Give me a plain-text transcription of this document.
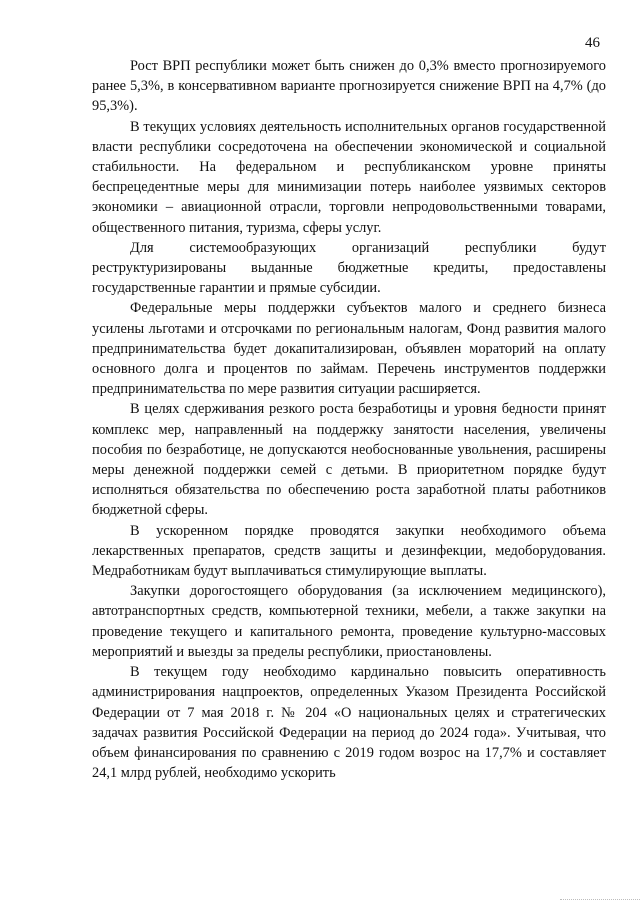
46

Рост ВРП республики может быть снижен до 0,3% вместо прогнозируемого ранее 5,3%, в консервативном варианте прогнозируется снижение ВРП на 4,7% (до 95,3%).

В текущих условиях деятельность исполнительных органов государственной власти республики сосредоточена на обеспечении экономической и социальной стабильности. На федеральном и республиканском уровне приняты беспрецедентные меры для минимизации потерь наиболее уязвимых секторов экономики – авиационной отрасли, торговли непродовольственными товарами, общественного питания, туризма, сферы услуг.

Для системообразующих организаций республики будут реструктуризированы выданные бюджетные кредиты, предоставлены государственные гарантии и прямые субсидии.

Федеральные меры поддержки субъектов малого и среднего бизнеса усилены льготами и отсрочками по региональным налогам, Фонд развития малого предпринимательства будет докапитализирован, объявлен мораторий на оплату основного долга и процентов по займам. Перечень инструментов поддержки предпринимательства по мере развития ситуации расширяется.

В целях сдерживания резкого роста безработицы и уровня бедности принят комплекс мер, направленный на поддержку занятости населения, увеличены пособия по безработице, не допускаются необоснованные увольнения, расширены меры денежной поддержки семей с детьми. В приоритетном порядке будут исполняться обязательства по обеспечению роста заработной платы работников бюджетной сферы.

В ускоренном порядке проводятся закупки необходимого объема лекарственных препаратов, средств защиты и дезинфекции, медоборудования. Медработникам будут выплачиваться стимулирующие выплаты.

Закупки дорогостоящего оборудования (за исключением медицинского), автотранспортных средств, компьютерной техники, мебели, а также закупки на проведение текущего и капитального ремонта, проведение культурно-массовых мероприятий и выезды за пределы республики, приостановлены.

В текущем году необходимо кардинально повысить оперативность администрирования нацпроектов, определенных Указом Президента Российской Федерации от 7 мая 2018 г. № 204 «О национальных целях и стратегических задачах развития Российской Федерации на период до 2024 года». Учитывая, что объем финансирования по сравнению с 2019 годом возрос на 17,7% и составляет 24,1 млрд рублей, необходимо ускорить
